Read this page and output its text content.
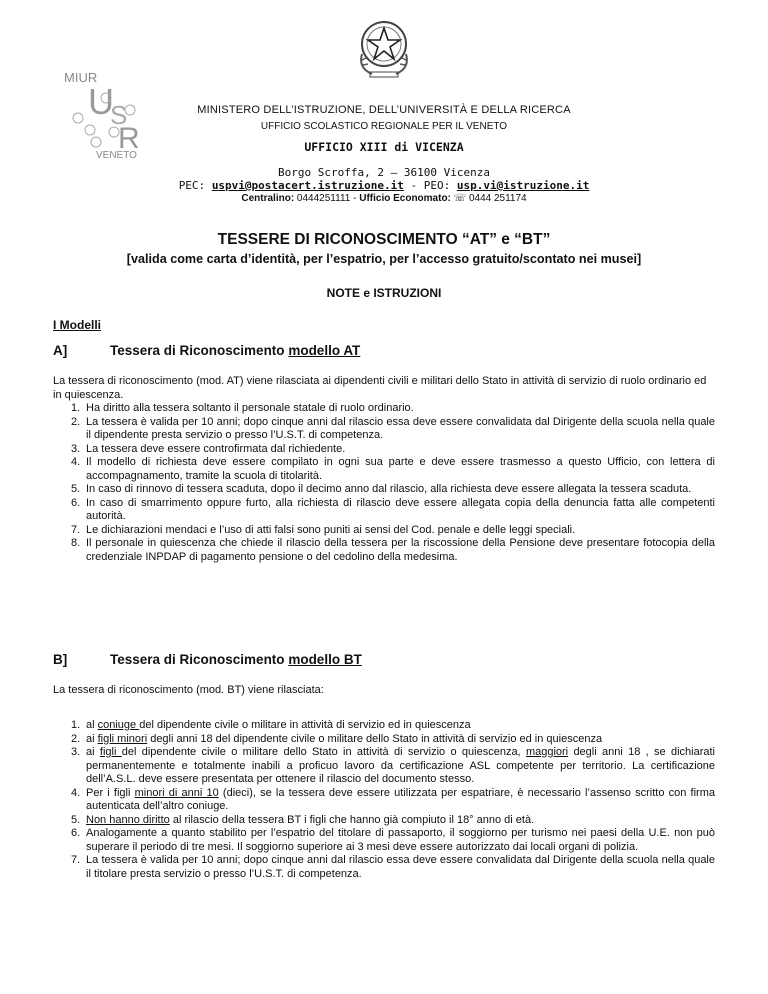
MIUR
U
S
R
VENETO
MINISTERO DELL’ISTRUZIONE, DELL’UNIVERSITÀ E DELLA RICERCA
UFFICIO SCOLASTICO REGIONALE PER IL VENETO
UFFICIO XIII di VICENZA
Borgo Scroffa, 2 – 36100 Vicenza
PEC: uspvi@postacert.istruzione.it - PEO: usp.vi@istruzione.it
Centralino: 0444251111 - Ufficio Economato: ☏ 0444 251174
TESSERE DI RICONOSCIMENTO “AT” e “BT”
[valida come carta d’identità, per l’espatrio, per l’accesso gratuito/scontato nei musei]
NOTE e ISTRUZIONI
I Modelli
A]	Tessera di Riconoscimento modello AT
La tessera di riconoscimento (mod. AT) viene rilasciata ai dipendenti civili e militari dello Stato in attività di servizio di ruolo ordinario ed in quiescenza.
1. Ha diritto alla tessera soltanto il personale statale di ruolo ordinario.
2. La tessera è valida per 10 anni; dopo cinque anni dal rilascio essa deve essere convalidata dal Dirigente della scuola nella quale il dipendente presta servizio o presso l’U.S.T. di competenza.
3. La tessera deve essere controfirmata dal richiedente.
4. Il modello di richiesta deve essere compilato in ogni sua parte e deve essere trasmesso a questo Ufficio, con lettera di accompagnamento, tramite la scuola di titolarità.
5. In caso di rinnovo di tessera scaduta, dopo il decimo anno dal rilascio, alla richiesta deve essere allegata la tessera scaduta.
6. In caso di smarrimento oppure furto, alla richiesta di rilascio deve essere allegata copia della denuncia fatta alle competenti autorità.
7. Le dichiarazioni mendaci e l’uso di atti falsi sono puniti ai sensi del Cod. penale e delle leggi speciali.
8. Il personale in quiescenza che chiede il rilascio della tessera per la riscossione della Pensione deve presentare fotocopia della credenziale INPDAP di pagamento pensione o del cedolino della medesima.
B]	Tessera di Riconoscimento modello BT
La tessera di riconoscimento (mod. BT) viene rilasciata:
1. al coniuge del dipendente civile o militare in attività di servizio ed in quiescenza
2. ai figli minori degli anni 18 del dipendente civile o militare dello Stato in attività di servizio ed in quiescenza
3. ai figli del dipendente civile o militare dello Stato in attività di servizio o quiescenza, maggiori degli anni 18 , se dichiarati permanentemente e totalmente inabili a proficuo lavoro da certificazione ASL competente per territorio. La certificazione dell’A.S.L. deve essere presentata per ottenere il rilascio del documento stesso.
4. Per i figli minori di anni 10 (dieci), se la tessera deve essere utilizzata per espatriare, è necessario l’assenso scritto con firma autenticata dell’altro coniuge.
5. Non hanno diritto al rilascio della tessera BT i figli che hanno già compiuto il 18° anno di età.
6. Analogamente a quanto stabilito per l’espatrio del titolare di passaporto, il soggiorno per turismo nei paesi della U.E. non può superare il periodo di tre mesi. Il soggiorno superiore ai 3 mesi deve essere autorizzato dai locali organi di polizia.
7. La tessera è valida per 10 anni; dopo cinque anni dal rilascio essa deve essere convalidata dal Dirigente della scuola nella quale il titolare presta servizio o presso l’U.S.T. di competenza.
